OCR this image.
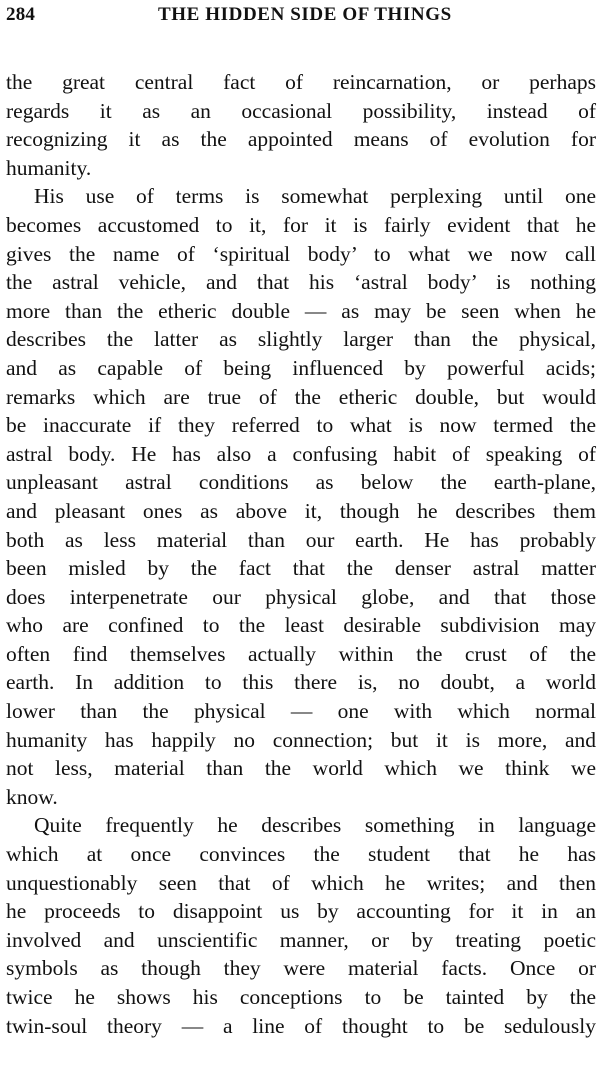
284	THE HIDDEN SIDE OF THINGS
the great central fact of reincarnation, or perhaps
regards it as an occasional possibility, instead of
recognizing it as the appointed means of evolution for
humanity.
His use of terms is somewhat perplexing until one
becomes accustomed to it, for it is fairly evident that he
gives the name of ‘spiritual body’ to what we now call
the astral vehicle, and that his ‘astral body’ is nothing
more than the etheric double — as may be seen when he
describes the latter as slightly larger than the physical,
and as capable of being influenced by powerful acids;
remarks which are true of the etheric double, but would
be inaccurate if they referred to what is now termed the
astral body. He has also a confusing habit of speaking of
unpleasant astral conditions as below the earth-plane,
and pleasant ones as above it, though he describes them
both as less material than our earth. He has probably
been misled by the fact that the denser astral matter
does interpenetrate our physical globe, and that those
who are confined to the least desirable subdivision may
often find themselves actually within the crust of the
earth. In addition to this there is, no doubt, a world
lower than the physical — one with which normal
humanity has happily no connection; but it is more, and
not less, material than the world which we think we
know.
Quite frequently he describes something in language
which at once convinces the student that he has
unquestionably seen that of which he writes; and then
he proceeds to disappoint us by accounting for it in an
involved and unscientific manner, or by treating poetic
symbols as though they were material facts. Once or
twice he shows his conceptions to be tainted by the
twin-soul theory — a line of thought to be sedulously
